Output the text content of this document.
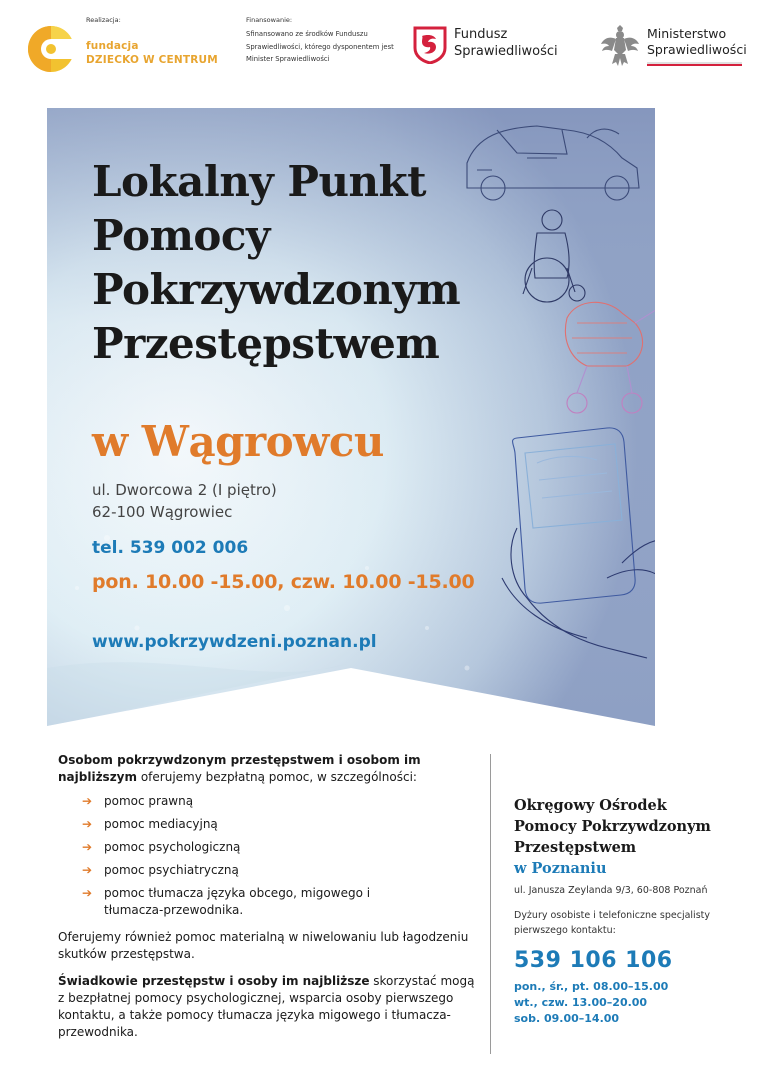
Realizacja:
fundacja
DZIECKO W CENTRUM
Finansowanie:
Sfinansowano ze środków Funduszu Sprawiedliwości, którego dysponentem jest Minister Sprawiedliwości
Fundusz
Sprawiedliwości
Ministerstwo
Sprawiedliwości
Lokalny Punkt
Pomocy
Pokrzywdzonym
Przestępstwem
w Wągrowcu
ul. Dworcowa 2 (I piętro)
62-100 Wągrowiec
tel. 539 002 006
pon. 10.00 -15.00, czw. 10.00 -15.00
www.pokrzywdzeni.poznan.pl
Osobom pokrzywdzonym przestępstwem i osobom im najbliższym oferujemy bezpłatną pomoc, w szczególności:
➔ pomoc prawną
➔ pomoc mediacyjną
➔ pomoc psychologiczną
➔ pomoc psychiatryczną
➔ pomoc tłumacza języka obcego, migowego i tłumacza-przewodnika.
Oferujemy również pomoc materialną w niwelowaniu lub łagodzeniu skutków przestępstwa.
Świadkowie przestępstw i osoby im najbliższe skorzystać mogą z bezpłatnej pomocy psychologicznej, wsparcia osoby pierwszego kontaktu, a także pomocy tłumacza języka migowego i tłumacza-przewodnika.
Okręgowy Ośrodek
Pomocy Pokrzywdzonym
Przestępstwem
w Poznaniu
ul. Janusza Zeylanda 9/3, 60-808 Poznań
Dyżury osobiste i telefoniczne specjalisty pierwszego kontaktu:
539 106 106
pon., śr., pt. 08.00–15.00
wt., czw. 13.00–20.00
sob. 09.00–14.00
